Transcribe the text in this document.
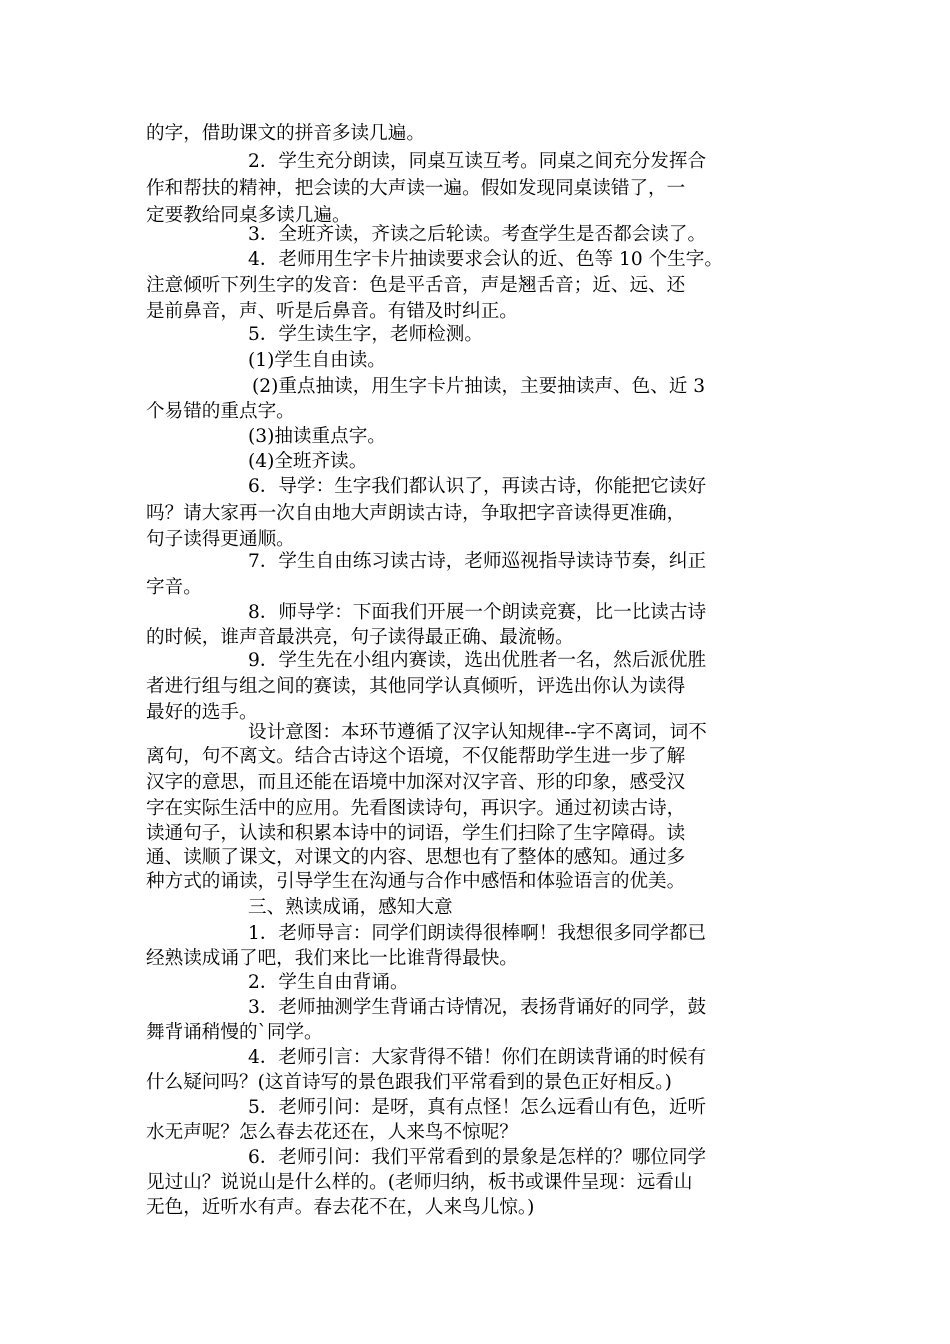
的字，借助课文的拼音多读几遍。
2．学生充分朗读，同桌互读互考。同桌之间充分发挥合
作和帮扶的精神，把会读的大声读一遍。假如发现同桌读错了，一
定要教给同桌多读几遍。
3．全班齐读，齐读之后轮读。考查学生是否都会读了。
4．老师用生字卡片抽读要求会认的近、色等 10 个生字。
注意倾听下列生字的发音：色是平舌音，声是翘舌音；近、远、还
是前鼻音，声、听是后鼻音。有错及时纠正。
5．学生读生字，老师检测。
(1)学生自由读。
(2)重点抽读，用生字卡片抽读，主要抽读声、色、近 3
个易错的重点字。
(3)抽读重点字。
(4)全班齐读。
6．导学：生字我们都认识了，再读古诗，你能把它读好
吗？请大家再一次自由地大声朗读古诗，争取把字音读得更准确，
句子读得更通顺。
7．学生自由练习读古诗，老师巡视指导读诗节奏，纠正
字音。
8．师导学：下面我们开展一个朗读竞赛，比一比读古诗
的时候，谁声音最洪亮，句子读得最正确、最流畅。
9．学生先在小组内赛读，选出优胜者一名，然后派优胜
者进行组与组之间的赛读，其他同学认真倾听，评选出你认为读得
最好的选手。
设计意图：本环节遵循了汉字认知规律--字不离词，词不
离句，句不离文。结合古诗这个语境，不仅能帮助学生进一步了解
汉字的意思，而且还能在语境中加深对汉字音、形的印象，感受汉
字在实际生活中的应用。先看图读诗句，再识字。通过初读古诗，
读通句子，认读和积累本诗中的词语，学生们扫除了生字障碍。读
通、读顺了课文，对课文的内容、思想也有了整体的感知。通过多
种方式的诵读，引导学生在沟通与合作中感悟和体验语言的优美。
三、熟读成诵，感知大意
1．老师导言：同学们朗读得很棒啊！我想很多同学都已
经熟读成诵了吧，我们来比一比谁背得最快。
2．学生自由背诵。
3．老师抽测学生背诵古诗情况，表扬背诵好的同学，鼓
舞背诵稍慢的`同学。
4．老师引言：大家背得不错！你们在朗读背诵的时候有
什么疑问吗？(这首诗写的景色跟我们平常看到的景色正好相反。)
5．老师引问：是呀，真有点怪！怎么远看山有色，近听
水无声呢？怎么春去花还在，人来鸟不惊呢？
6．老师引问：我们平常看到的景象是怎样的？哪位同学
见过山？说说山是什么样的。(老师归纳，板书或课件呈现：远看山
无色，近听水有声。春去花不在，人来鸟儿惊。)
